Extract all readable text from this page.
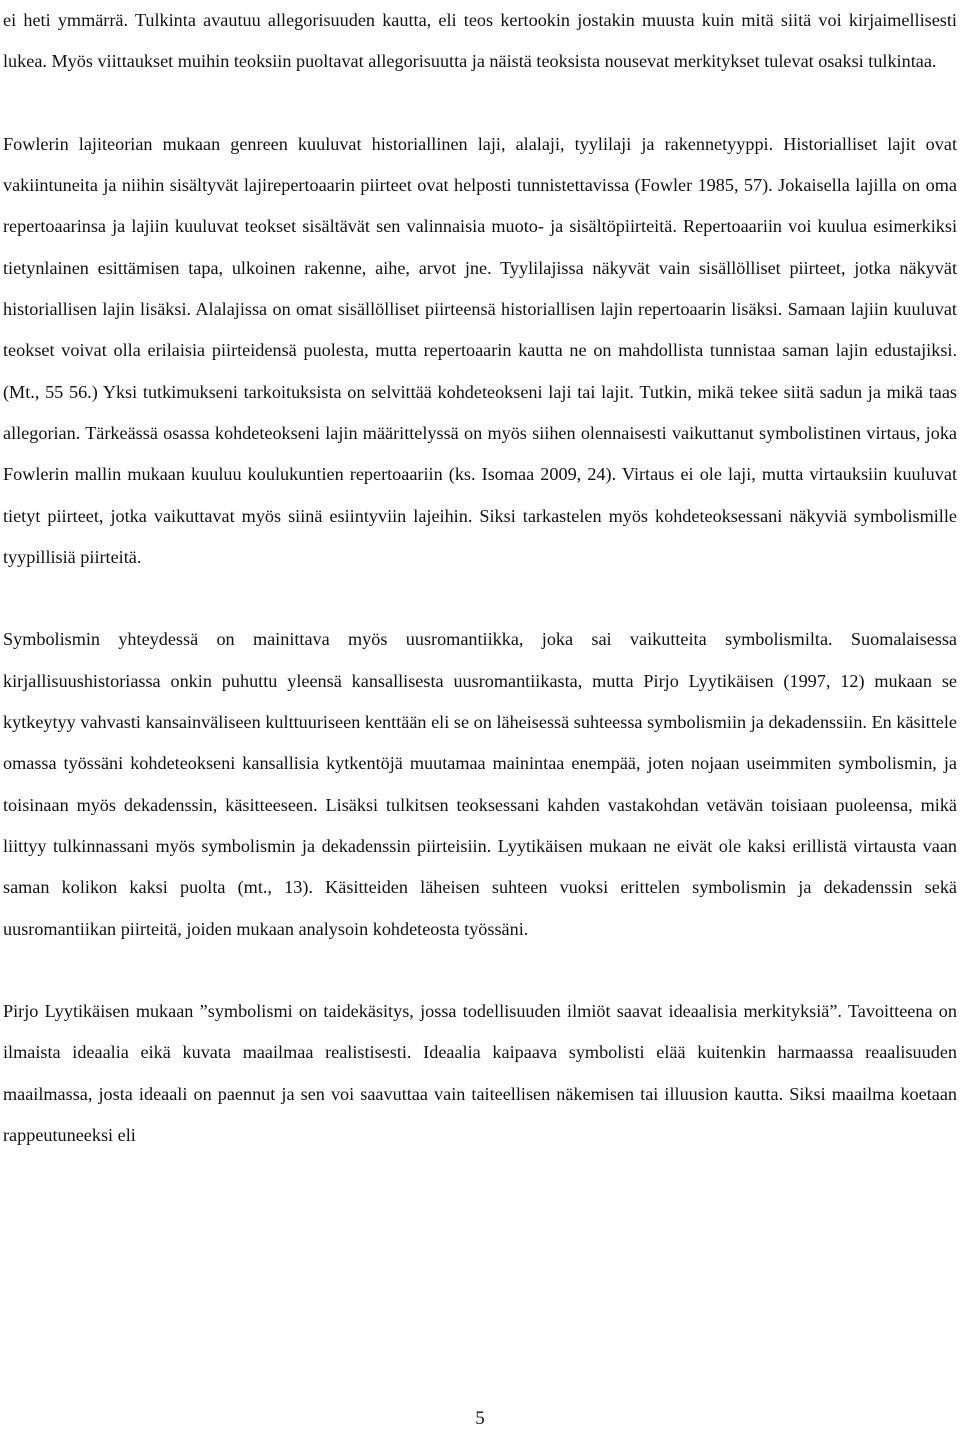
ei heti ymmärrä. Tulkinta avautuu allegorisuuden kautta, eli teos kertookin jostakin muusta kuin mitä siitä voi kirjaimellisesti lukea. Myös viittaukset muihin teoksiin puoltavat allegorisuutta ja näistä teoksista nousevat merkitykset tulevat osaksi tulkintaa.

Fowlerin lajiteorian mukaan genreen kuuluvat historiallinen laji, alalaji, tyylilaji ja rakennetyyppi. Historialliset lajit ovat vakiintuneita ja niihin sisältyvät lajirepertoaarin piirteet ovat helposti tunnistettavissa (Fowler 1985, 57). Jokaisella lajilla on oma repertoaarinsa ja lajiin kuuluvat teokset sisältävät sen valinnaisia muoto- ja sisältöpiirteitä. Repertoaariin voi kuulua esimerkiksi tietynlainen esittämisen tapa, ulkoinen rakenne, aihe, arvot jne. Tyylilajissa näkyvät vain sisällölliset piirteet, jotka näkyvät historiallisen lajin lisäksi. Alalajissa on omat sisällölliset piirteensä historiallisen lajin repertoaarin lisäksi. Samaan lajiin kuuluvat teokset voivat olla erilaisia piirteidensä puolesta, mutta repertoaarin kautta ne on mahdollista tunnistaa saman lajin edustajiksi. (Mt., 55 56.) Yksi tutkimukseni tarkoituksista on selvittää kohdeteokseni laji tai lajit. Tutkin, mikä tekee siitä sadun ja mikä taas allegorian. Tärkeässä osassa kohdeteokseni lajin määrittelyssä on myös siihen olennaisesti vaikuttanut symbolistinen virtaus, joka Fowlerin mallin mukaan kuuluu koulukuntien repertoaariin (ks. Isomaa 2009, 24). Virtaus ei ole laji, mutta virtauksiin kuuluvat tietyt piirteet, jotka vaikuttavat myös siinä esiintyviin lajeihin. Siksi tarkastelen myös kohdeteoksessani näkyviä symbolismille tyypillisiä piirteitä.

Symbolismin yhteydessä on mainittava myös uusromantiikka, joka sai vaikutteita symbolismilta. Suomalaisessa kirjallisuushistoriassa onkin puhuttu yleensä kansallisesta uusromantiikasta, mutta Pirjo Lyytikäisen (1997, 12) mukaan se kytkeytyy vahvasti kansainväliseen kulttuuriseen kenttään eli se on läheisessä suhteessa symbolismiin ja dekadenssiin. En käsittele omassa työssäni kohdeteokseni kansallisia kytkentöjä muutamaa mainintaa enempää, joten nojaan useimmiten symbolismin, ja toisinaan myös dekadenssin, käsitteeseen. Lisäksi tulkitsen teoksessani kahden vastakohdan vetävän toisiaan puoleensa, mikä liittyy tulkinnassani myös symbolismin ja dekadenssin piirteisiin. Lyytikäisen mukaan ne eivät ole kaksi erillistä virtausta vaan saman kolikon kaksi puolta (mt., 13). Käsitteiden läheisen suhteen vuoksi erittelen symbolismin ja dekadenssin sekä uusromantiikan piirteitä, joiden mukaan analysoin kohdeteosta työssäni.

Pirjo Lyytikäisen mukaan ”symbolismi on taidekäsitys, jossa todellisuuden ilmiöt saavat ideaalisia merkityksiä”. Tavoitteena on ilmaista ideaalia eikä kuvata maailmaa realistisesti. Ideaalia kaipaava symbolisti elää kuitenkin harmaassa reaalisuuden maailmassa, josta ideaali on paennut ja sen voi saavuttaa vain taiteellisen näkemisen tai illuusion kautta. Siksi maailma koetaan rappeutuneeksi eli

5
